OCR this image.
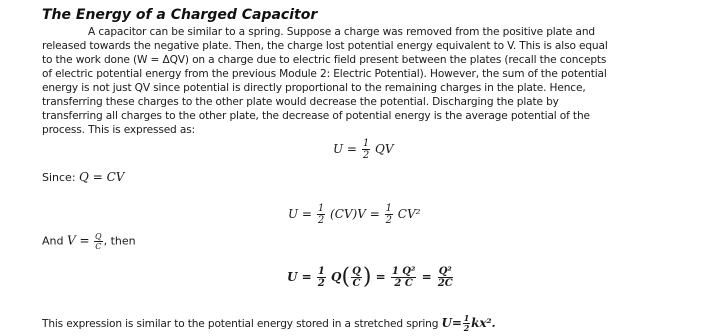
The Energy of a Charged Capacitor
A capacitor can be similar to a spring. Suppose a charge was removed from the positive plate and
released towards the negative plate. Then, the charge lost potential energy equivalent to V. This is also equal
to the work done (W = ΔQV) on a charge due to electric field present between the plates (recall the concepts
of electric potential energy from the previous Module 2: Electric Potential). However, the sum of the potential
energy is not just QV since potential is directly proportional to the remaining charges in the plate. Hence,
transferring these charges to the other plate would decrease the potential. Discharging the plate by
transferring all charges to the other plate, the decrease of potential energy is the average potential of the
process. This is expressed as:
$U = \frac{1}{2}$ QV
Since: Q = CV
$U = \frac{1}{2} (CV)V = \frac{1}{2} CV^2$
And $V = \frac{Q}{C}$ , then
$U = \frac{1}{2} Q( \frac{Q}{C}$ ) = $\frac{\text{1 Q²}}{2 C} = \frac{\text{Q²}}{2C}$
This expression is similar to the potential energy stored in a stretched spring $U= \frac{1}{2} kx^2$.
